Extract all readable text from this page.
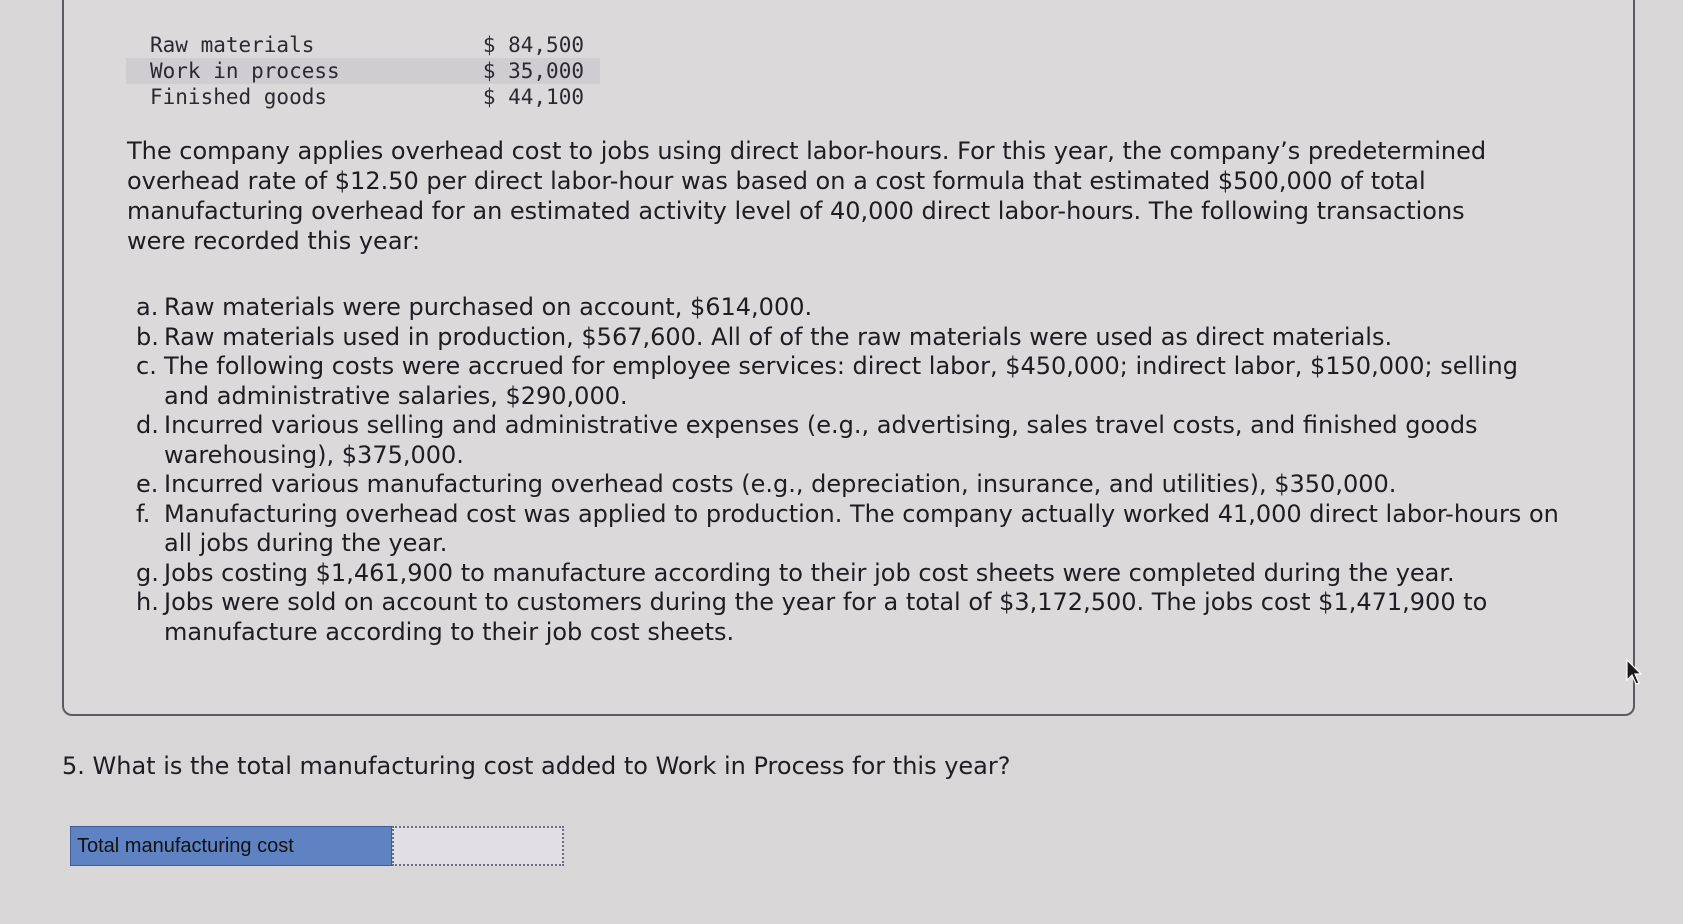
Raw materials	$ 84,500
Work in process	$ 35,000
Finished goods	$ 44,100

The company applies overhead cost to jobs using direct labor-hours. For this year, the company’s predetermined overhead rate of $12.50 per direct labor-hour was based on a cost formula that estimated $500,000 of total manufacturing overhead for an estimated activity level of 40,000 direct labor-hours. The following transactions were recorded this year:

a. Raw materials were purchased on account, $614,000.
b. Raw materials used in production, $567,600. All of of the raw materials were used as direct materials.
c. The following costs were accrued for employee services: direct labor, $450,000; indirect labor, $150,000; selling and administrative salaries, $290,000.
d. Incurred various selling and administrative expenses (e.g., advertising, sales travel costs, and finished goods warehousing), $375,000.
e. Incurred various manufacturing overhead costs (e.g., depreciation, insurance, and utilities), $350,000.
f. Manufacturing overhead cost was applied to production. The company actually worked 41,000 direct labor-hours on all jobs during the year.
g. Jobs costing $1,461,900 to manufacture according to their job cost sheets were completed during the year.
h. Jobs were sold on account to customers during the year for a total of $3,172,500. The jobs cost $1,471,900 to manufacture according to their job cost sheets.

5. What is the total manufacturing cost added to Work in Process for this year?

Total manufacturing cost
